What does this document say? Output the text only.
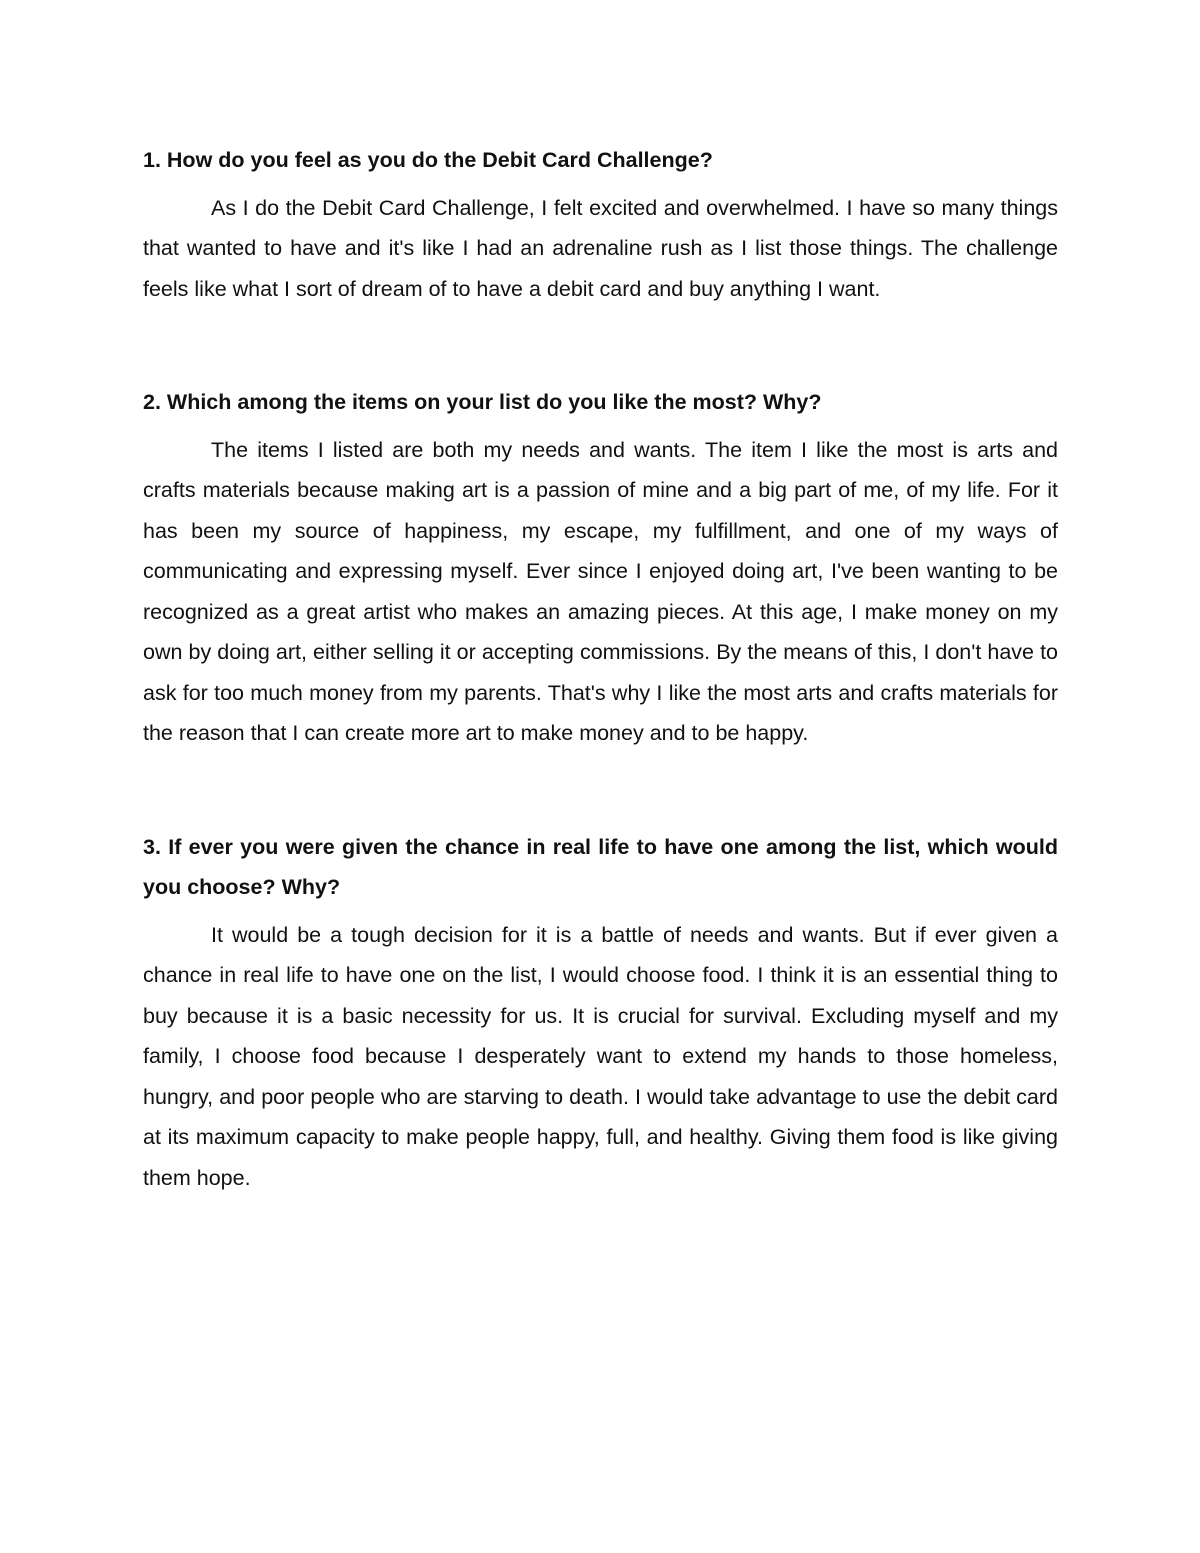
1. How do you feel as you do the Debit Card Challenge?

As I do the Debit Card Challenge, I felt excited and overwhelmed. I have so many things that wanted to have and it's like I had an adrenaline rush as I list those things. The challenge feels like what I sort of dream of to have a debit card and buy anything I want.

2. Which among the items on your list do you like the most? Why?

The items I listed are both my needs and wants. The item I like the most is arts and crafts materials because making art is a passion of mine and a big part of me, of my life. For it has been my source of happiness, my escape, my fulfillment, and one of my ways of communicating and expressing myself. Ever since I enjoyed doing art, I've been wanting to be recognized as a great artist who makes an amazing pieces. At this age, I make money on my own by doing art, either selling it or accepting commissions. By the means of this, I don't have to ask for too much money from my parents. That's why I like the most arts and crafts materials for the reason that I can create more art to make money and to be happy.

3. If ever you were given the chance in real life to have one among the list, which would you choose? Why?

It would be a tough decision for it is a battle of needs and wants. But if ever given a chance in real life to have one on the list, I would choose food. I think it is an essential thing to buy because it is a basic necessity for us. It is crucial for survival. Excluding myself and my family, I choose food because I desperately want to extend my hands to those homeless, hungry, and poor people who are starving to death. I would take advantage to use the debit card at its maximum capacity to make people happy, full, and healthy. Giving them food is like giving them hope.
